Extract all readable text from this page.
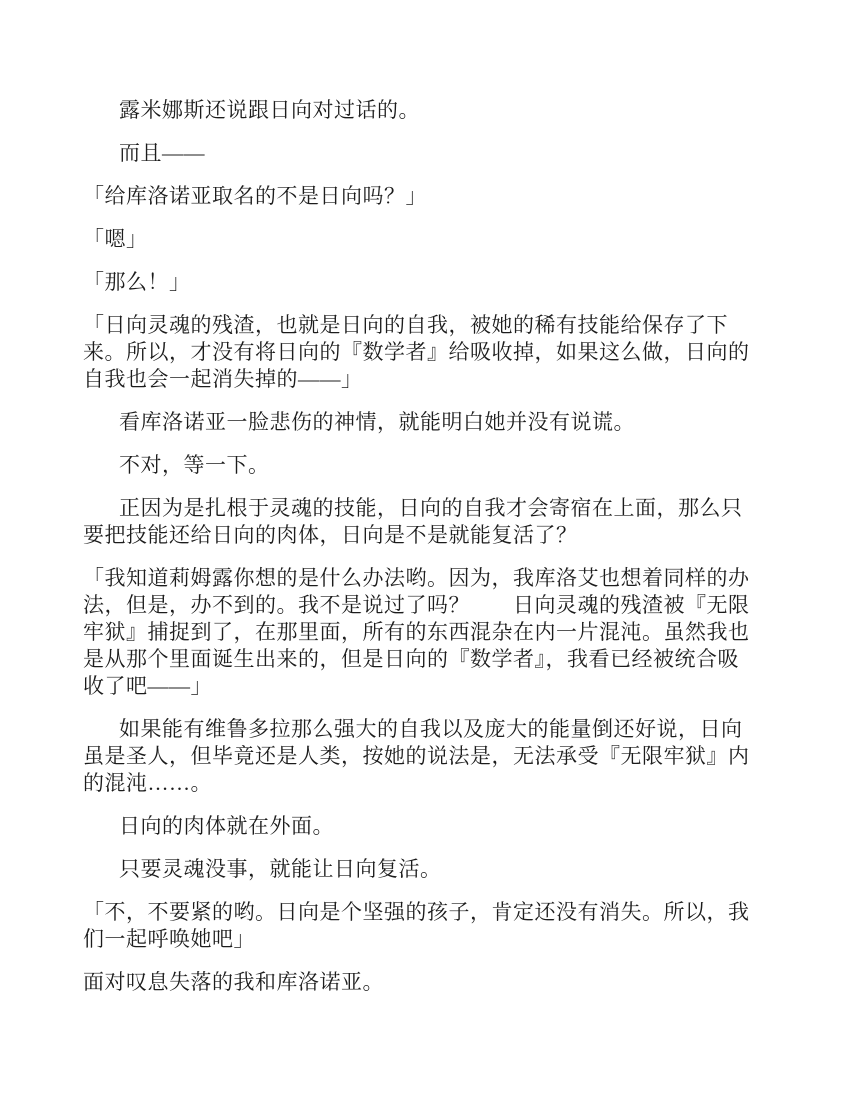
露米娜斯还说跟日向对过话的。

而且——

「给库洛诺亚取名的不是日向吗？」

「嗯」

「那么！」

「日向灵魂的残渣，也就是日向的自我，被她的稀有技能给保存了下来。所以，才没有将日向的『数学者』给吸收掉，如果这么做，日向的自我也会一起消失掉的——」

看库洛诺亚一脸悲伤的神情，就能明白她并没有说谎。

不对，等一下。

正因为是扎根于灵魂的技能，日向的自我才会寄宿在上面，那么只要把技能还给日向的肉体，日向是不是就能复活了？

「我知道莉姆露你想的是什么办法哟。因为，我库洛艾也想着同样的办法，但是，办不到的。我不是说过了吗？　　日向灵魂的残渣被『无限牢狱』捕捉到了，在那里面，所有的东西混杂在内一片混沌。虽然我也是从那个里面诞生出来的，但是日向的『数学者』，我看已经被统合吸收了吧——」

如果能有维鲁多拉那么强大的自我以及庞大的能量倒还好说，日向虽是圣人，但毕竟还是人类，按她的说法是，无法承受『无限牢狱』内的混沌……。

日向的肉体就在外面。

只要灵魂没事，就能让日向复活。

「不，不要紧的哟。日向是个坚强的孩子，肯定还没有消失。所以，我们一起呼唤她吧」

面对叹息失落的我和库洛诺亚。
